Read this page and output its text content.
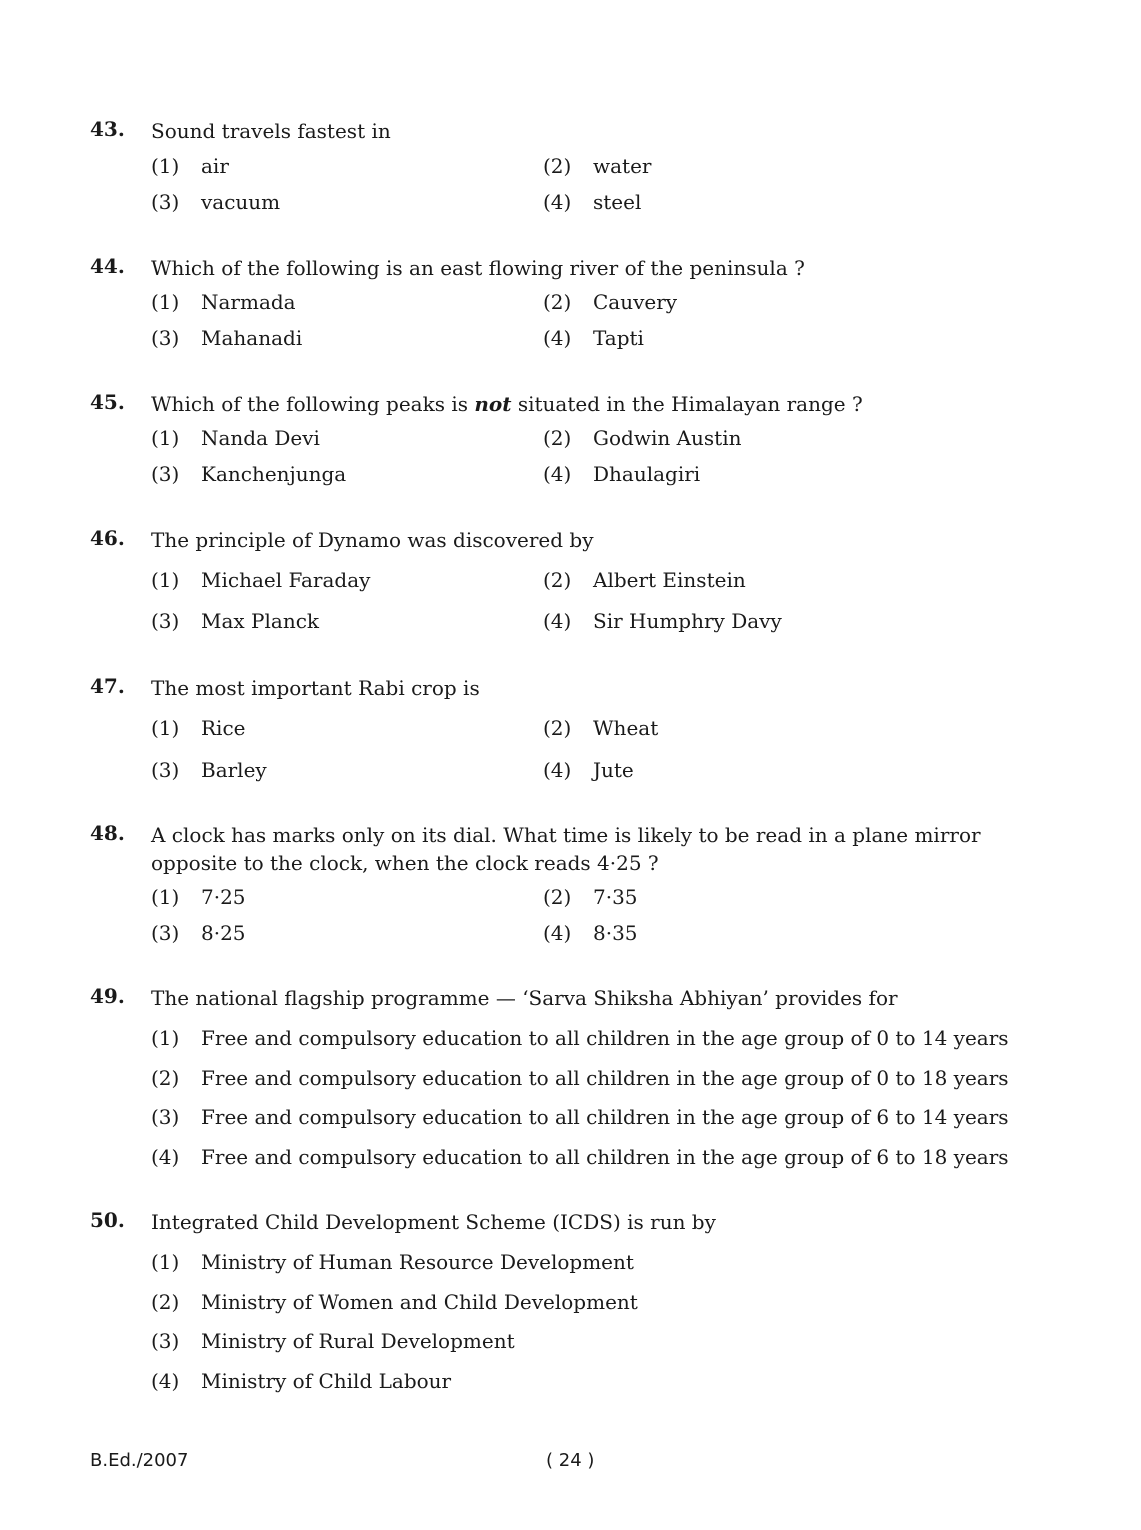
43. Sound travels fastest in
(1) air	(2) water
(3) vacuum	(4) steel
44. Which of the following is an east flowing river of the peninsula ?
(1) Narmada	(2) Cauvery
(3) Mahanadi	(4) Tapti
45. Which of the following peaks is not situated in the Himalayan range ?
(1) Nanda Devi	(2) Godwin Austin
(3) Kanchenjunga	(4) Dhaulagiri
46. The principle of Dynamo was discovered by
(1) Michael Faraday	(2) Albert Einstein
(3) Max Planck	(4) Sir Humphry Davy
47. The most important Rabi crop is
(1) Rice	(2) Wheat
(3) Barley	(4) Jute
48. A clock has marks only on its dial. What time is likely to be read in a plane mirror opposite to the clock, when the clock reads 4·25 ?
(1) 7·25	(2) 7·35
(3) 8·25	(4) 8·35
49. The national flagship programme — ‘Sarva Shiksha Abhiyan’ provides for
(1) Free and compulsory education to all children in the age group of 0 to 14 years
(2) Free and compulsory education to all children in the age group of 0 to 18 years
(3) Free and compulsory education to all children in the age group of 6 to 14 years
(4) Free and compulsory education to all children in the age group of 6 to 18 years
50. Integrated Child Development Scheme (ICDS) is run by
(1) Ministry of Human Resource Development
(2) Ministry of Women and Child Development
(3) Ministry of Rural Development
(4) Ministry of Child Labour
B.Ed./2007	( 24 )
